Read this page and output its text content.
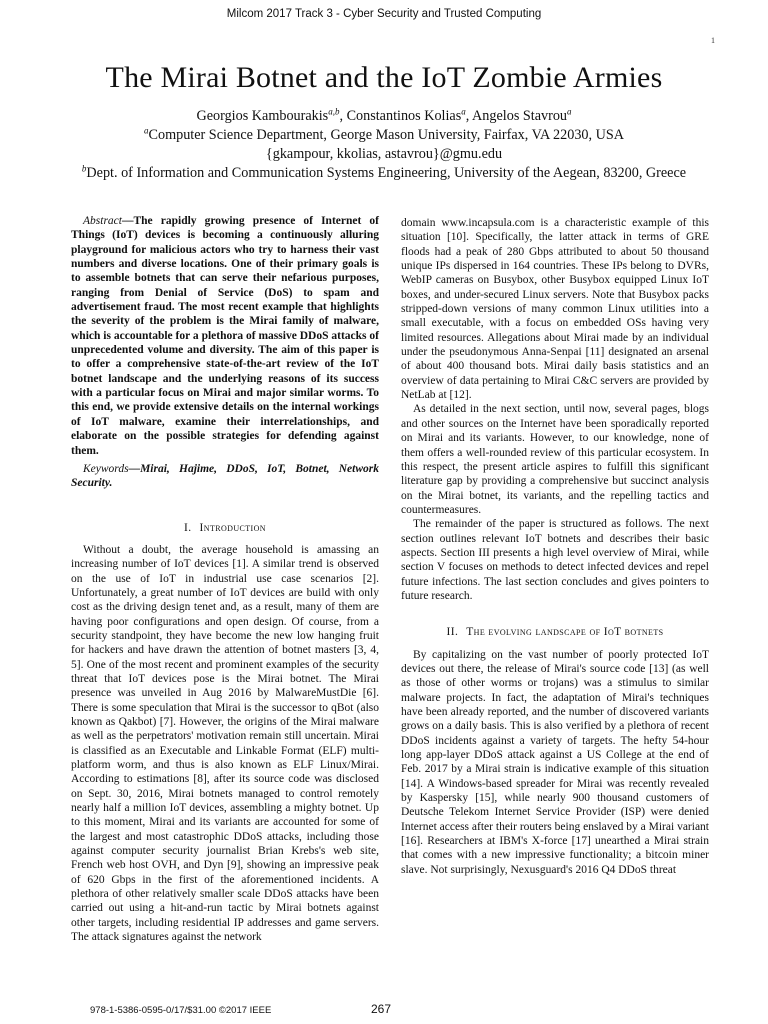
Milcom 2017 Track 3 - Cyber Security and Trusted Computing
1
The Mirai Botnet and the IoT Zombie Armies
Georgios Kambourakis$^{a,b}$, Constantinos Kolias$^a$, Angelos Stavrou$^a$
$^a$Computer Science Department, George Mason University, Fairfax, VA 22030, USA
{gkampour, kkolias, astavrou}@gmu.edu
$^b$Dept. of Information and Communication Systems Engineering, University of the Aegean, 83200, Greece

Abstract—The rapidly growing presence of Internet of Things (IoT) devices is becoming a continuously alluring playground for malicious actors who try to harness their vast numbers and diverse locations. One of their primary goals is to assemble botnets that can serve their nefarious purposes, ranging from Denial of Service (DoS) to spam and advertisement fraud. The most recent example that highlights the severity of the problem is the Mirai family of malware, which is accountable for a plethora of massive DDoS attacks of unprecedented volume and diversity. The aim of this paper is to offer a comprehensive state-of-the-art review of the IoT botnet landscape and the underlying reasons of its success with a particular focus on Mirai and major similar worms. To this end, we provide extensive details on the internal workings of IoT malware, examine their interrelationships, and elaborate on the possible strategies for defending against them.

Keywords—Mirai, Hajime, DDoS, IoT, Botnet, Network Security.

I. Introduction

Without a doubt, the average household is amassing an increasing number of IoT devices [1]. A similar trend is observed on the use of IoT in industrial use case scenarios [2]. Unfortunately, a great number of IoT devices are build with only cost as the driving design tenet and, as a result, many of them are having poor configurations and open design. Of course, from a security standpoint, they have become the new low hanging fruit for hackers and have drawn the attention of botnet masters [3, 4, 5]. One of the most recent and prominent examples of the security threat that IoT devices pose is the Mirai botnet. The Mirai presence was unveiled in Aug 2016 by MalwareMustDie [6]. There is some speculation that Mirai is the successor to qBot (also known as Qakbot) [7]. However, the origins of the Mirai malware as well as the perpetrators' motivation remain still uncertain. Mirai is classified as an Executable and Linkable Format (ELF) multi-platform worm, and thus is also known as ELF Linux/Mirai. According to estimations [8], after its source code was disclosed on Sept. 30, 2016, Mirai botnets managed to control remotely nearly half a million IoT devices, assembling a mighty botnet. Up to this moment, Mirai and its variants are accounted for some of the largest and most catastrophic DDoS attacks, including those against computer security journalist Brian Krebs's web site, French web host OVH, and Dyn [9], showing an impressive peak of 620 Gbps in the first of the aforementioned incidents. A plethora of other relatively smaller scale DDoS attacks have been carried out using a hit-and-run tactic by Mirai botnets against other targets, including residential IP addresses and game servers. The attack signatures against the network

domain www.incapsula.com is a characteristic example of this situation [10]. Specifically, the latter attack in terms of GRE floods had a peak of 280 Gbps attributed to about 50 thousand unique IPs dispersed in 164 countries. These IPs belong to DVRs, WebIP cameras on Busybox, other Busybox equipped Linux IoT boxes, and under-secured Linux servers. Note that Busybox packs stripped-down versions of many common Linux utilities into a small executable, with a focus on embedded OSs having very limited resources. Allegations about Mirai made by an individual under the pseudonymous Anna-Senpai [11] designated an arsenal of about 400 thousand bots. Mirai daily basis statistics and an overview of data pertaining to Mirai C&C servers are provided by NetLab at [12].

As detailed in the next section, until now, several pages, blogs and other sources on the Internet have been sporadically reported on Mirai and its variants. However, to our knowledge, none of them offers a well-rounded review of this particular ecosystem. In this respect, the present article aspires to fulfill this significant literature gap by providing a comprehensive but succinct analysis on the Mirai botnet, its variants, and the repelling tactics and countermeasures.

The remainder of the paper is structured as follows. The next section outlines relevant IoT botnets and describes their basic aspects. Section III presents a high level overview of Mirai, while section V focuses on methods to detect infected devices and repel future infections. The last section concludes and gives pointers to future research.

II. The evolving landscape of IoT botnets

By capitalizing on the vast number of poorly protected IoT devices out there, the release of Mirai's source code [13] (as well as those of other worms or trojans) was a stimulus to similar malware projects. In fact, the adaptation of Mirai's techniques have been already reported, and the number of discovered variants grows on a daily basis. This is also verified by a plethora of recent DDoS incidents against a variety of targets. The hefty 54-hour long app-layer DDoS attack against a US College at the end of Feb. 2017 by a Mirai strain is indicative example of this situation [14]. A Windows-based spreader for Mirai was recently revealed by Kaspersky [15], while nearly 900 thousand customers of Deutsche Telekom Internet Service Provider (ISP) were denied Internet access after their routers being enslaved by a Mirai variant [16]. Researchers at IBM's X-force [17] unearthed a Mirai strain that comes with a new impressive functionality; a bitcoin miner slave. Not surprisingly, Nexusguard's 2016 Q4 DDoS threat

978-1-5386-0595-0/17/$31.00 ©2017 IEEE	267
